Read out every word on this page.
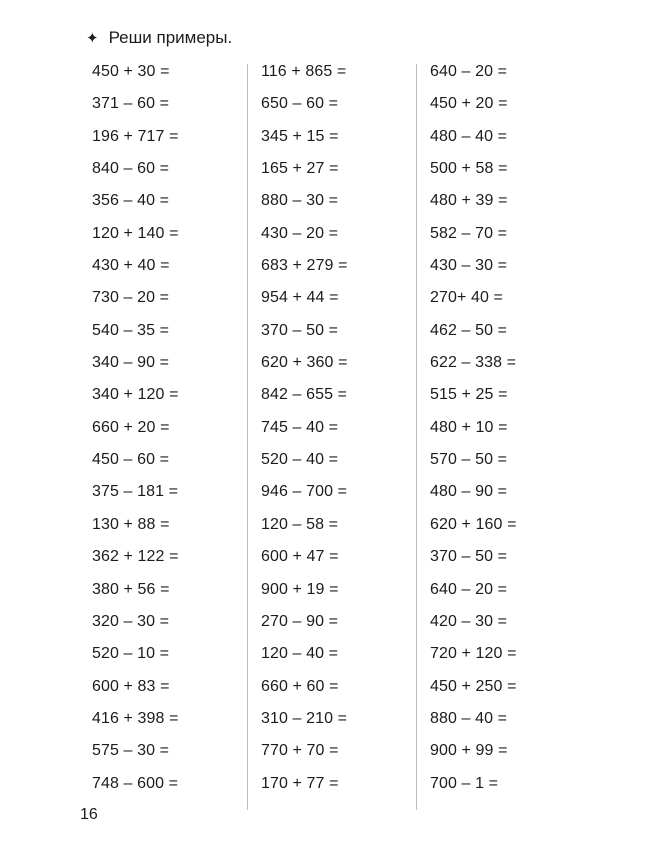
✦ Реши примеры.
450 + 30 =
371 – 60 =
196 + 717 =
840 – 60 =
356 – 40 =
120 + 140 =
430 + 40 =
730 – 20 =
540 – 35 =
340 – 90 =
340 + 120 =
660 + 20 =
450 – 60 =
375 – 181 =
130 + 88 =
362 + 122 =
380 + 56 =
320 – 30 =
520 – 10 =
600 + 83 =
416 + 398 =
575 – 30 =
748 – 600 =
116 + 865 =
650 – 60 =
345 + 15 =
165 + 27 =
880 – 30 =
430 – 20 =
683 + 279 =
954 + 44 =
370 – 50 =
620 + 360 =
842 – 655 =
745 – 40 =
520 – 40 =
946 – 700 =
120 – 58 =
600 + 47 =
900 + 19 =
270 – 90 =
120 – 40 =
660 + 60 =
310 – 210 =
770 + 70 =
170 + 77 =
640 – 20 =
450 + 20 =
480 – 40 =
500 + 58 =
480 + 39 =
582 – 70 =
430 – 30 =
270+ 40 =
462 – 50 =
622 – 338 =
515 + 25 =
480 + 10 =
570 – 50 =
480 – 90 =
620 + 160 =
370 – 50 =
640 – 20 =
420 – 30 =
720 + 120 =
450 + 250 =
880 – 40 =
900 + 99 =
700 – 1 =
16
